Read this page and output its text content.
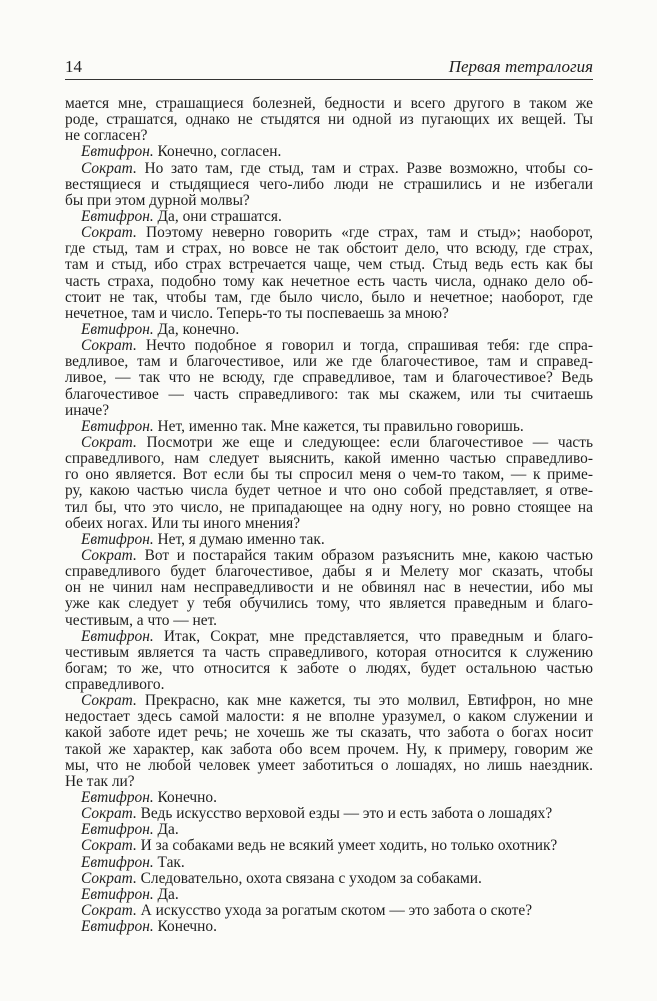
14	Первая тетралогия
мается мне, страшащиеся болезней, бедности и всего другого в таком же
роде, страшатся, однако не стыдятся ни одной из пугающих их вещей. Ты
не согласен?
Евтифрон. Конечно, согласен.
Сократ. Но зато там, где стыд, там и страх. Разве возможно, чтобы со-
вестящиеся и стыдящиеся чего-либо люди не страшились и не избегали
бы при этом дурной молвы?
Евтифрон. Да, они страшатся.
Сократ. Поэтому неверно говорить «где страх, там и стыд»; наоборот,
где стыд, там и страх, но вовсе не так обстоит дело, что всюду, где страх,
там и стыд, ибо страх встречается чаще, чем стыд. Стыд ведь есть как бы
часть страха, подобно тому как нечетное есть часть числа, однако дело об-
стоит не так, чтобы там, где было число, было и нечетное; наоборот, где
нечетное, там и число. Теперь-то ты поспеваешь за мною?
Евтифрон. Да, конечно.
Сократ. Нечто подобное я говорил и тогда, спрашивая тебя: где спра-
ведливое, там и благочестивое, или же где благочестивое, там и справед-
ливое, — так что не всюду, где справедливое, там и благочестивое? Ведь
благочестивое — часть справедливого: так мы скажем, или ты считаешь
иначе?
Евтифрон. Нет, именно так. Мне кажется, ты правильно говоришь.
Сократ. Посмотри же еще и следующее: если благочестивое — часть
справедливого, нам следует выяснить, какой именно частью справедливо-
го оно является. Вот если бы ты спросил меня о чем-то таком, — к приме-
ру, какою частью числа будет четное и что оно собой представляет, я отве-
тил бы, что это число, не припадающее на одну ногу, но ровно стоящее на
обеих ногах. Или ты иного мнения?
Евтифрон. Нет, я думаю именно так.
Сократ. Вот и постарайся таким образом разъяснить мне, какою частью
справедливого будет благочестивое, дабы я и Мелету мог сказать, чтобы
он не чинил нам несправедливости и не обвинял нас в нечестии, ибо мы
уже как следует у тебя обучились тому, что является праведным и благо-
честивым, а что — нет.
Евтифрон. Итак, Сократ, мне представляется, что праведным и благо-
честивым является та часть справедливого, которая относится к служению
богам; то же, что относится к заботе о людях, будет остальною частью
справедливого.
Сократ. Прекрасно, как мне кажется, ты это молвил, Евтифрон, но мне
недостает здесь самой малости: я не вполне уразумел, о каком служении и
какой заботе идет речь; не хочешь же ты сказать, что забота о богах носит
такой же характер, как забота обо всем прочем. Ну, к примеру, говорим же
мы, что не любой человек умеет заботиться о лошадях, но лишь наездник.
Не так ли?
Евтифрон. Конечно.
Сократ. Ведь искусство верховой езды — это и есть забота о лошадях?
Евтифрон. Да.
Сократ. И за собаками ведь не всякий умеет ходить, но только охотник?
Евтифрон. Так.
Сократ. Следовательно, охота связана с уходом за собаками.
Евтифрон. Да.
Сократ. А искусство ухода за рогатым скотом — это забота о скоте?
Евтифрон. Конечно.
